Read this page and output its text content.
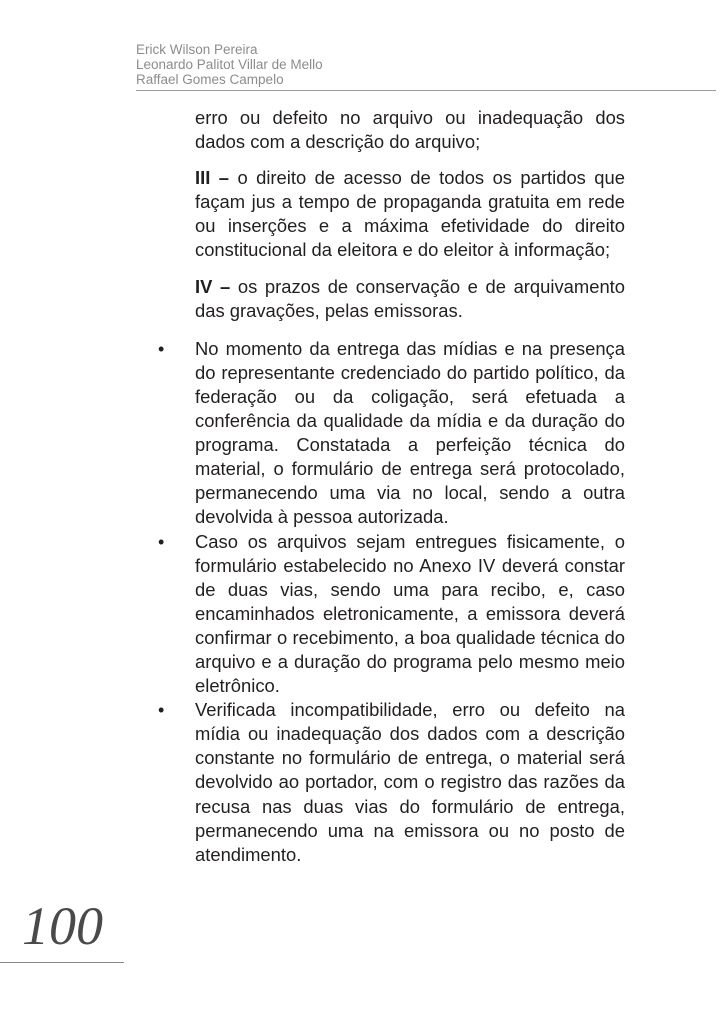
Erick Wilson Pereira
Leonardo Palitot Villar de Mello
Raffael Gomes Campelo

erro ou defeito no arquivo ou inadequação dos dados com a descrição do arquivo;

III – o direito de acesso de todos os partidos que façam jus a tempo de propaganda gratuita em rede ou inserções e a máxima efetividade do direito constitucional da eleitora e do eleitor à informação;

IV – os prazos de conservação e de arquivamento das gravações, pelas emissoras.

• No momento da entrega das mídias e na presença do representante credenciado do partido político, da federação ou da coligação, será efetuada a conferência da qualidade da mídia e da duração do programa. Constatada a perfeição técnica do material, o formulário de entrega será protocolado, permanecendo uma via no local, sendo a outra devolvida à pessoa autorizada.
• Caso os arquivos sejam entregues fisicamente, o formulário estabelecido no Anexo IV deverá constar de duas vias, sendo uma para recibo, e, caso encaminhados eletronicamente, a emissora deverá confirmar o recebimento, a boa qualidade técnica do arquivo e a duração do programa pelo mesmo meio eletrônico.
• Verificada incompatibilidade, erro ou defeito na mídia ou inadequação dos dados com a descrição constante no formulário de entrega, o material será devolvido ao portador, com o registro das razões da recusa nas duas vias do formulário de entrega, permanecendo uma na emissora ou no posto de atendimento.
100
